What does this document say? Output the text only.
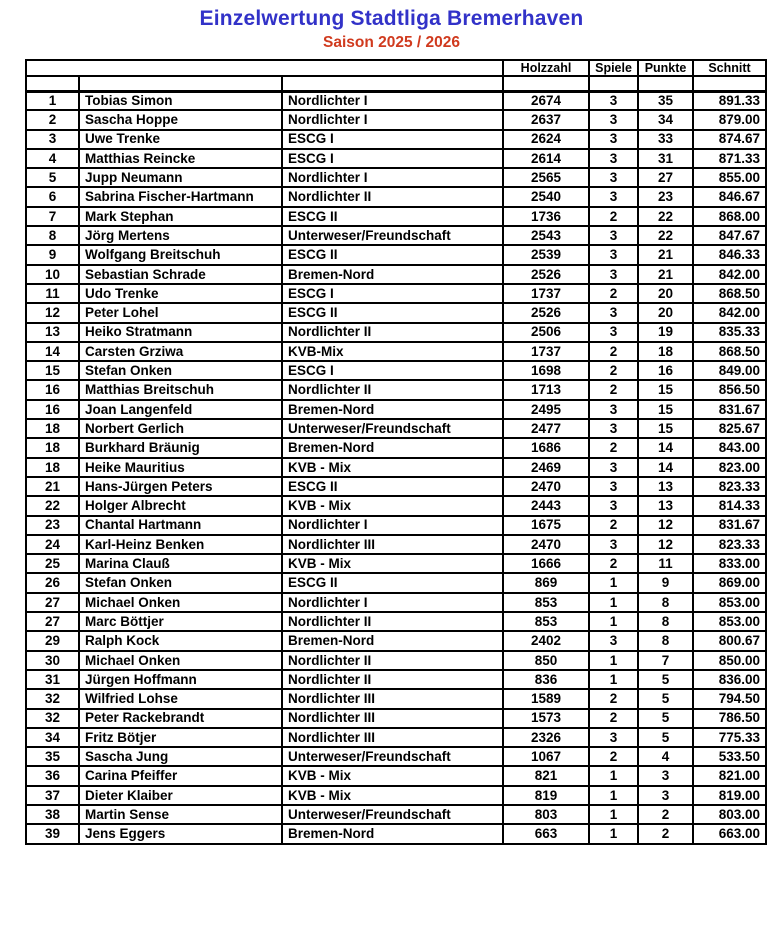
Einzelwertung Stadtliga Bremerhaven
Saison 2025 / 2026
			Holzzahl	Spiele	Punkte	Schnitt

1	Tobias Simon	Nordlichter I	2674	3	35	891.33
2	Sascha Hoppe	Nordlichter I	2637	3	34	879.00
3	Uwe Trenke	ESCG I	2624	3	33	874.67
4	Matthias Reincke	ESCG I	2614	3	31	871.33
5	Jupp Neumann	Nordlichter I	2565	3	27	855.00
6	Sabrina Fischer-Hartmann	Nordlichter II	2540	3	23	846.67
7	Mark Stephan	ESCG II	1736	2	22	868.00
8	Jörg Mertens	Unterweser/Freundschaft	2543	3	22	847.67
9	Wolfgang Breitschuh	ESCG II	2539	3	21	846.33
10	Sebastian Schrade	Bremen-Nord	2526	3	21	842.00
11	Udo Trenke	ESCG I	1737	2	20	868.50
12	Peter Lohel	ESCG II	2526	3	20	842.00
13	Heiko Stratmann	Nordlichter II	2506	3	19	835.33
14	Carsten Grziwa	KVB-Mix	1737	2	18	868.50
15	Stefan Onken	ESCG I	1698	2	16	849.00
16	Matthias Breitschuh	Nordlichter II	1713	2	15	856.50
16	Joan Langenfeld	Bremen-Nord	2495	3	15	831.67
18	Norbert Gerlich	Unterweser/Freundschaft	2477	3	15	825.67
18	Burkhard Bräunig	Bremen-Nord	1686	2	14	843.00
18	Heike Mauritius	KVB - Mix	2469	3	14	823.00
21	Hans-Jürgen Peters	ESCG II	2470	3	13	823.33
22	Holger Albrecht	KVB - Mix	2443	3	13	814.33
23	Chantal Hartmann	Nordlichter I	1675	2	12	831.67
24	Karl-Heinz Benken	Nordlichter III	2470	3	12	823.33
25	Marina Clauß	KVB - Mix	1666	2	11	833.00
26	Stefan Onken	ESCG II	869	1	9	869.00
27	Michael Onken	Nordlichter I	853	1	8	853.00
27	Marc Böttjer	Nordlichter II	853	1	8	853.00
29	Ralph Kock	Bremen-Nord	2402	3	8	800.67
30	Michael Onken	Nordlichter II	850	1	7	850.00
31	Jürgen Hoffmann	Nordlichter II	836	1	5	836.00
32	Wilfried Lohse	Nordlichter III	1589	2	5	794.50
32	Peter Rackebrandt	Nordlichter III	1573	2	5	786.50
34	Fritz Bötjer	Nordlichter III	2326	3	5	775.33
35	Sascha Jung	Unterweser/Freundschaft	1067	2	4	533.50
36	Carina Pfeiffer	KVB - Mix	821	1	3	821.00
37	Dieter Klaiber	KVB - Mix	819	1	3	819.00
38	Martin Sense	Unterweser/Freundschaft	803	1	2	803.00
39	Jens Eggers	Bremen-Nord	663	1	2	663.00
